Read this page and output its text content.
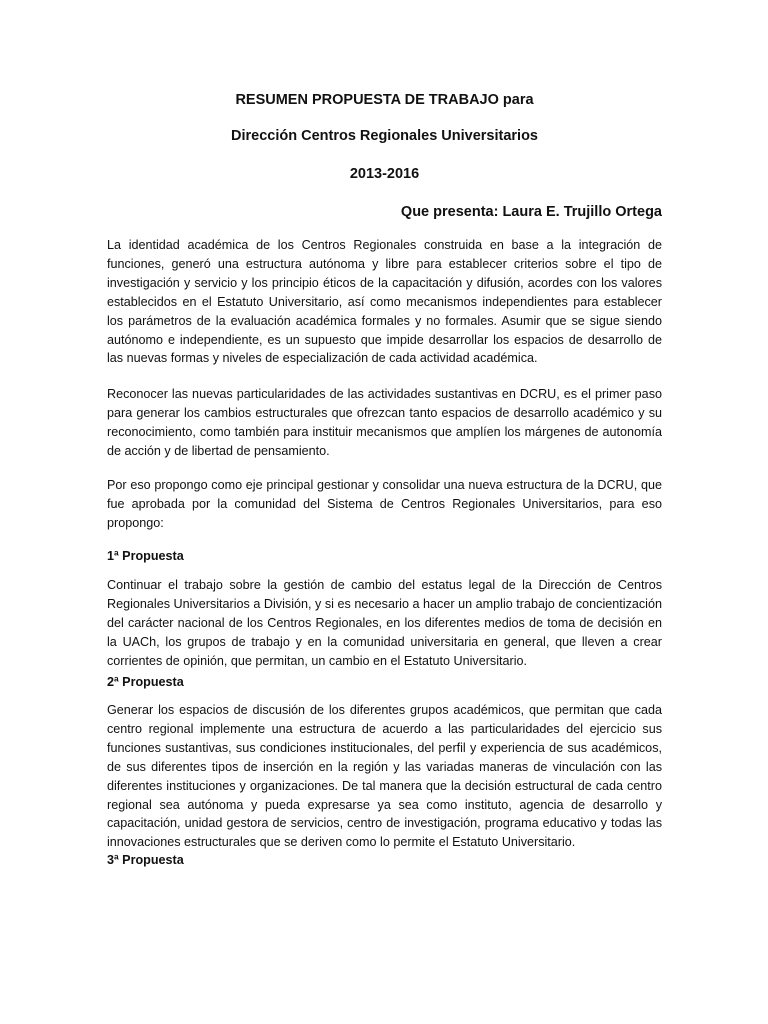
RESUMEN PROPUESTA DE TRABAJO para
Dirección Centros Regionales Universitarios
2013-2016
Que presenta: Laura E. Trujillo Ortega

La identidad académica de los Centros Regionales construida en base a la integración de funciones, generó una estructura autónoma y libre para establecer criterios sobre el tipo de investigación y servicio y los principio éticos de la capacitación y difusión, acordes con los valores establecidos en el Estatuto Universitario, así como mecanismos independientes para establecer los parámetros de la evaluación académica formales y no formales. Asumir que se sigue siendo autónomo e independiente, es un supuesto que impide desarrollar los espacios de desarrollo de las nuevas formas y niveles de especialización de cada actividad académica.

Reconocer las nuevas particularidades de las actividades sustantivas en DCRU, es el primer paso para generar los cambios estructurales que ofrezcan tanto espacios de desarrollo académico y su reconocimiento, como también para instituir mecanismos que amplíen los márgenes de autonomía de acción y de libertad de pensamiento.

Por eso propongo como eje principal gestionar y consolidar una nueva estructura de la DCRU, que fue aprobada por la comunidad del Sistema de Centros Regionales Universitarios, para eso propongo:

1ª Propuesta

Continuar el trabajo sobre la gestión de cambio del estatus legal de la Dirección de Centros Regionales Universitarios a División, y si es necesario a hacer un amplio trabajo de concientización del carácter nacional de los Centros Regionales, en los diferentes medios de toma de decisión en la UACh, los grupos de trabajo y en la comunidad universitaria en general, que lleven a crear corrientes de opinión, que permitan, un cambio en el Estatuto Universitario.

2ª Propuesta

Generar los espacios de discusión de los diferentes grupos académicos, que permitan que cada centro regional implemente una estructura de acuerdo a las particularidades del ejercicio sus funciones sustantivas, sus condiciones institucionales, del perfil y experiencia de sus académicos, de sus diferentes tipos de inserción en la región y las variadas maneras de vinculación con las diferentes instituciones y organizaciones. De tal manera que la decisión estructural de cada centro regional sea autónoma y pueda expresarse ya sea como instituto, agencia de desarrollo y capacitación, unidad gestora de servicios, centro de investigación, programa educativo y todas las innovaciones estructurales que se deriven como lo permite el Estatuto Universitario.

3ª Propuesta
